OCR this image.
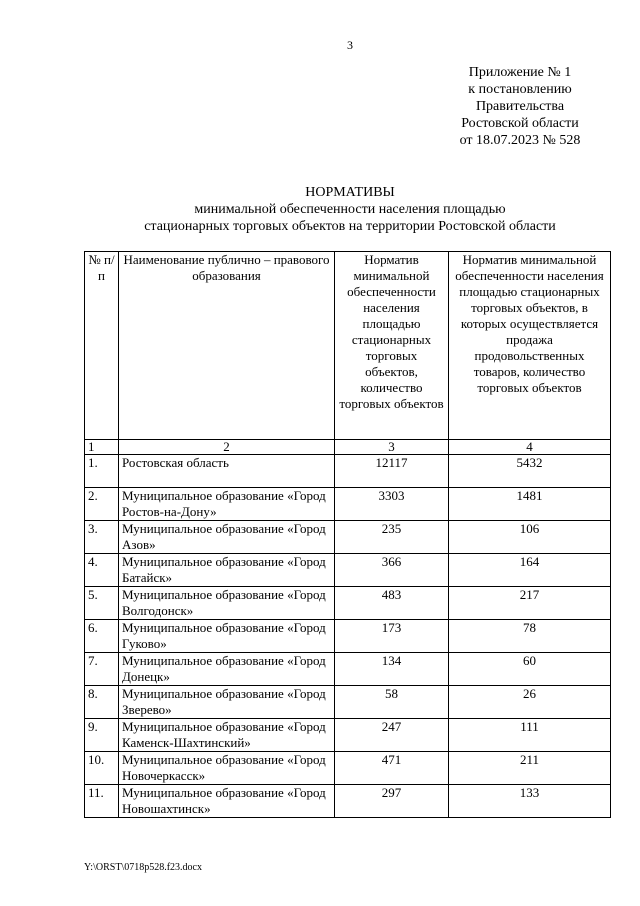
3
Приложение № 1
к постановлению
Правительства
Ростовской области
от 18.07.2023 № 528
НОРМАТИВЫ
минимальной обеспеченности населения площадью
стационарных торговых объектов на территории Ростовской области
№ п/п	Наименование публично – правового образования	Норматив минимальной обеспеченности населения площадью стационарных торговых объектов, количество торговых объектов	Норматив минимальной обеспеченности населения площадью стационарных торговых объектов, в которых осуществляется продажа продовольственных товаров, количество торговых объектов
1	2	3	4
1.	Ростовская область	12117	5432
2.	Муниципальное образование «Город Ростов-на-Дону»	3303	1481
3.	Муниципальное образование «Город Азов»	235	106
4.	Муниципальное образование «Город Батайск»	366	164
5.	Муниципальное образование «Город Волгодонск»	483	217
6.	Муниципальное образование «Город Гуково»	173	78
7.	Муниципальное образование «Город Донецк»	134	60
8.	Муниципальное образование «Город Зверево»	58	26
9.	Муниципальное образование «Город Каменск-Шахтинский»	247	111
10.	Муниципальное образование «Город Новочеркасск»	471	211
11.	Муниципальное образование «Город Новошахтинск»	297	133
Y:\ORST\0718p528.f23.docx
